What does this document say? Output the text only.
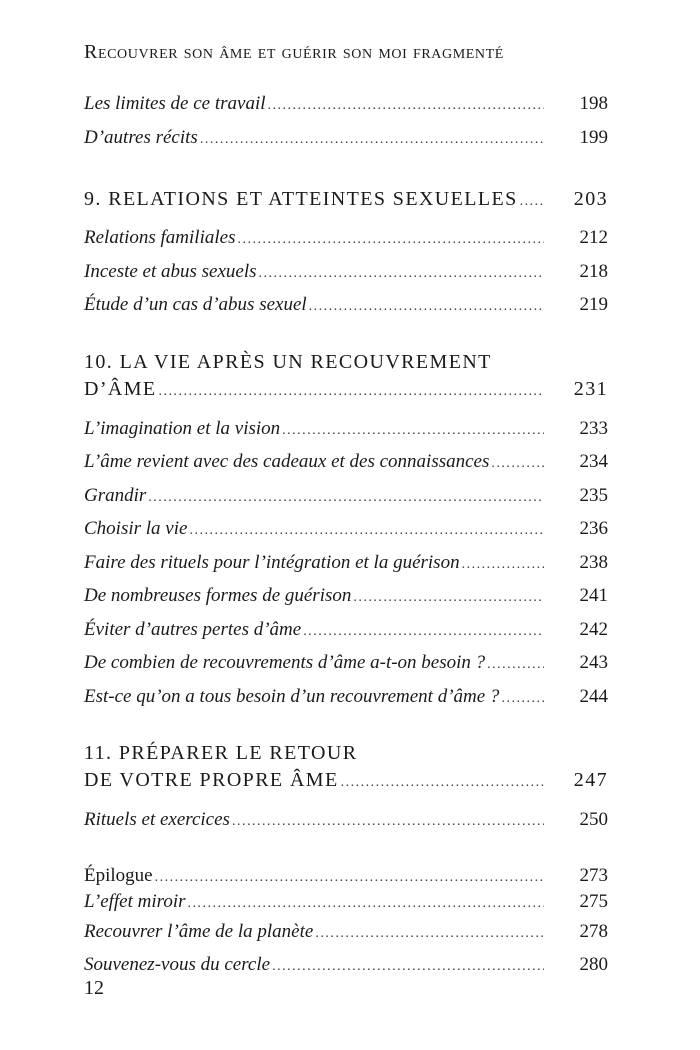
Recouvrer son âme et guérir son moi fragmenté
Les limites de ce travail .....	198
D’autres récits .....	199
9. RELATIONS ET ATTEINTES SEXUELLES .....	203
Relations familiales .....	212
Inceste et abus sexuels .....	218
Étude d’un cas d’abus sexuel .....	219
10. LA VIE APRÈS UN RECOUVREMENT
D’ÂME .....	231
L’imagination et la vision .....	233
L’âme revient avec des cadeaux et des connaissances .....	234
Grandir .....	235
Choisir la vie .....	236
Faire des rituels pour l’intégration et la guérison .....	238
De nombreuses formes de guérison .....	241
Éviter d’autres pertes d’âme .....	242
De combien de recouvrements d’âme a-t-on besoin ? .....	243
Est-ce qu’on a tous besoin d’un recouvrement d’âme ? .....	244
11. PRÉPARER LE RETOUR
DE VOTRE PROPRE ÂME .....	247
Rituels et exercices .....	250
Épilogue .....	273
L’effet miroir .....	275
Recouvrer l’âme de la planète .....	278
Souvenez-vous du cercle .....	280
12
